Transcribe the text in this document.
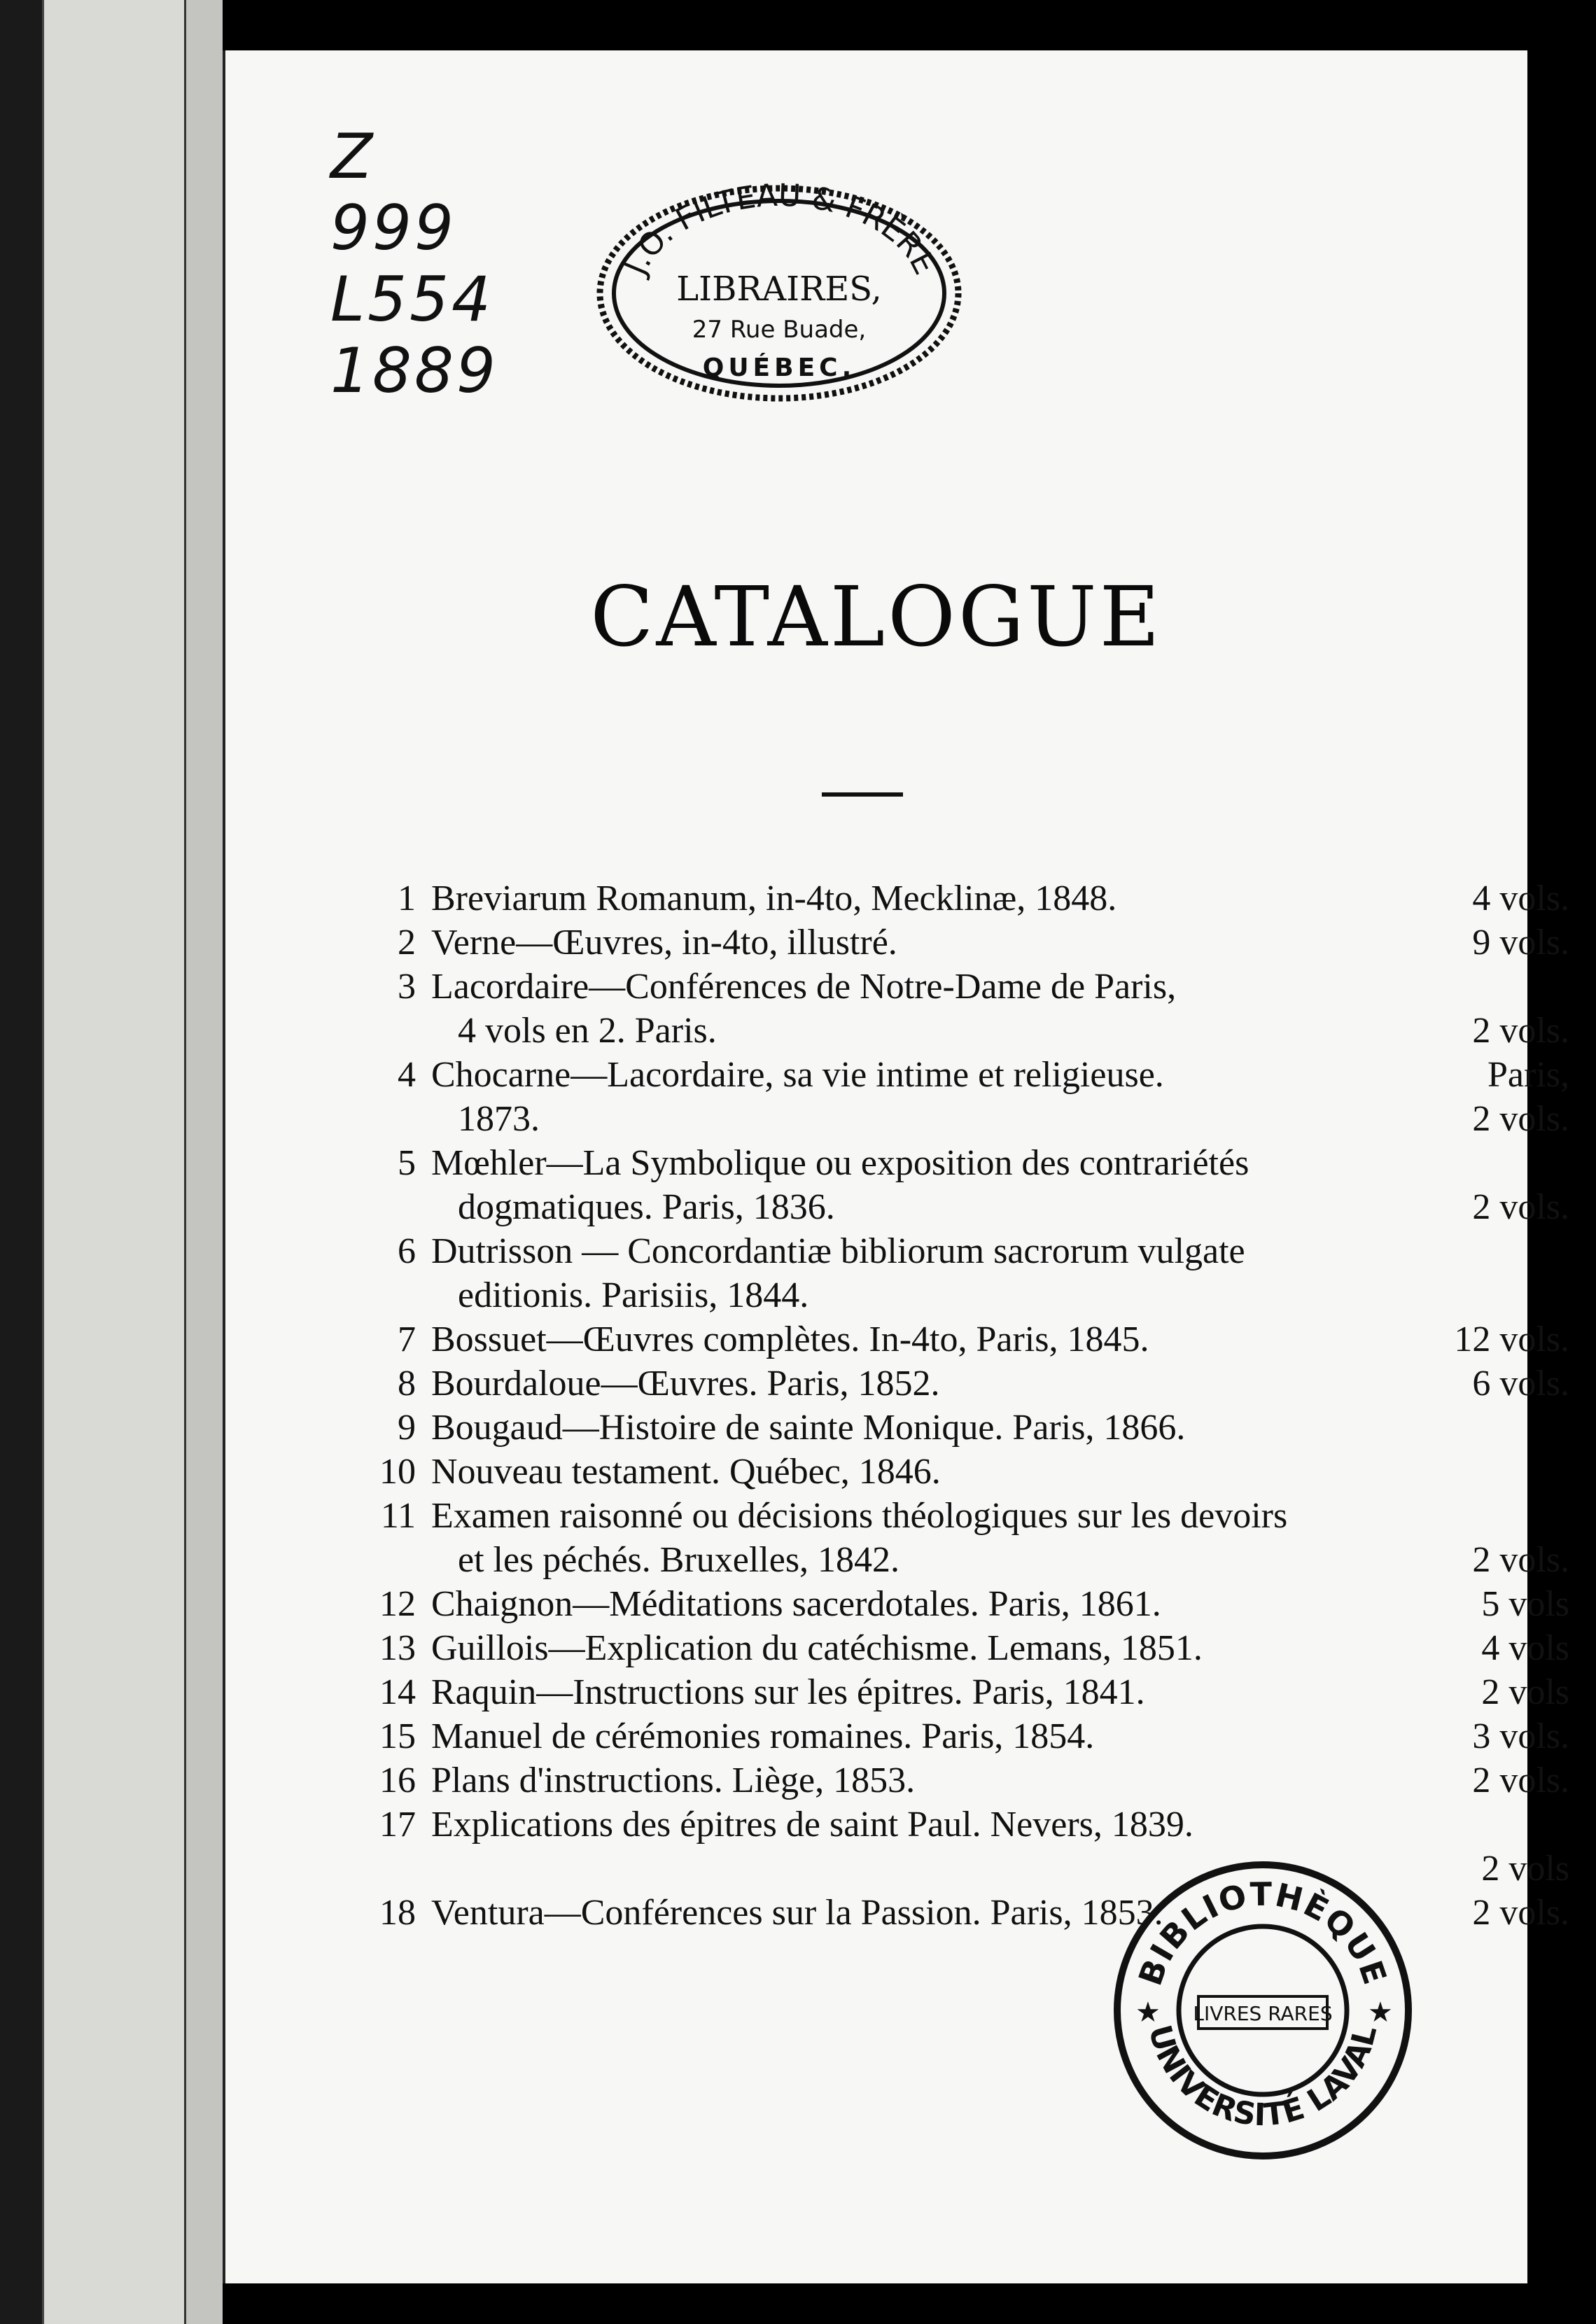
Z
999
L554
1889
J.O. FILTEAU & FRÈRE
LIBRAIRES,
27 Rue Buade,
QUÉBEC.
CATALOGUE
1 Breviarum Romanum, in-4to, Mecklinæ, 1848.	4 vols.
2 Verne—Œuvres, in-4to, illustré.	9 vols.
3 Lacordaire—Conférences de Notre-Dame de Paris,
4 vols en 2. Paris.	2 vols.
4 Chocarne—Lacordaire, sa vie intime et religieuse.	Paris,
1873.	2 vols.
5 Mœhler—La Symbolique ou exposition des contrariétés
dogmatiques. Paris, 1836.	2 vols.
6 Dutrisson — Concordantiæ bibliorum sacrorum vulgate
editionis. Parisiis, 1844.
7 Bossuet—Œuvres complètes. In-4to, Paris, 1845.	12 vols.
8 Bourdaloue—Œuvres. Paris, 1852.	6 vols.
9 Bougaud—Histoire de sainte Monique. Paris, 1866.
10 Nouveau testament. Québec, 1846.
11 Examen raisonné ou décisions théologiques sur les devoirs
et les péchés. Bruxelles, 1842.	2 vols.
12 Chaignon—Méditations sacerdotales. Paris, 1861.	5 vols
13 Guillois—Explication du catéchisme. Lemans, 1851.	4 vols
14 Raquin—Instructions sur les épitres. Paris, 1841.	2 vols
15 Manuel de cérémonies romaines. Paris, 1854.	3 vols.
16 Plans d'instructions. Liège, 1853.	2 vols.
17 Explications des épitres de saint Paul. Nevers, 1839.
2 vols
18 Ventura—Conférences sur la Passion. Paris, 1853.	2 vols.
BIBLIOTHÈQUE
UNIVERSITÉ LAVAL
LIVRES RARES
★	★
